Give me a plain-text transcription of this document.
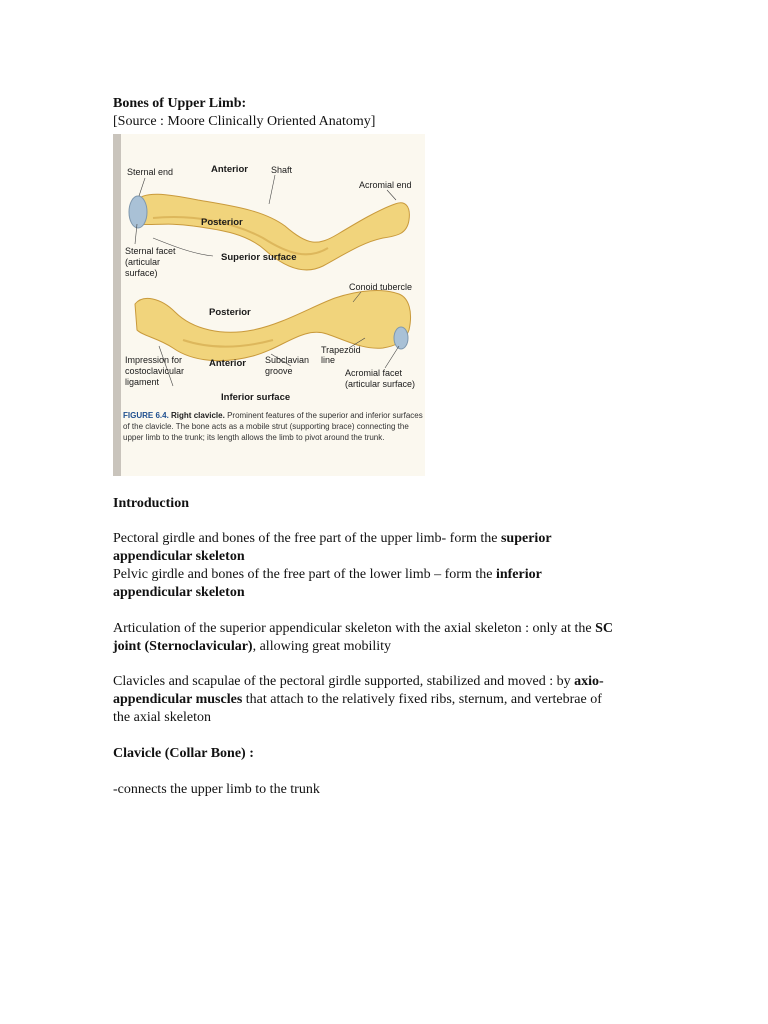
Bones of Upper Limb:
[Source : Moore Clinically Oriented Anatomy]
Sternal end	Anterior	Shaft
Acromial end
Posterior
Sternal facet
(articular
surface)
Superior surface
Conoid tubercle
Posterior
Trapezoid
line
Impression for
costoclavicular
ligament
Anterior Subclavian
groove	Acromial facet
(articular surface)
Inferior surface
FIGURE 6.4. Right clavicle. Prominent features of the superior and inferior surfaces of the clavicle. The bone acts as a mobile strut (supporting brace) connecting the upper limb to the trunk; its length allows the limb to pivot around the trunk.
Introduction
Pectoral girdle and bones of the free part of the upper limb- form the superior
appendicular skeleton
Pelvic girdle and bones of the free part of the lower limb – form the inferior
appendicular skeleton
Articulation of the superior appendicular skeleton with the axial skeleton : only at the SC
joint (Sternoclavicular), allowing great mobility
Clavicles and scapulae of the pectoral girdle supported, stabilized and moved : by axio-
appendicular muscles that attach to the relatively fixed ribs, sternum, and vertebrae of
the axial skeleton
Clavicle (Collar Bone) :
-connects the upper limb to the trunk
